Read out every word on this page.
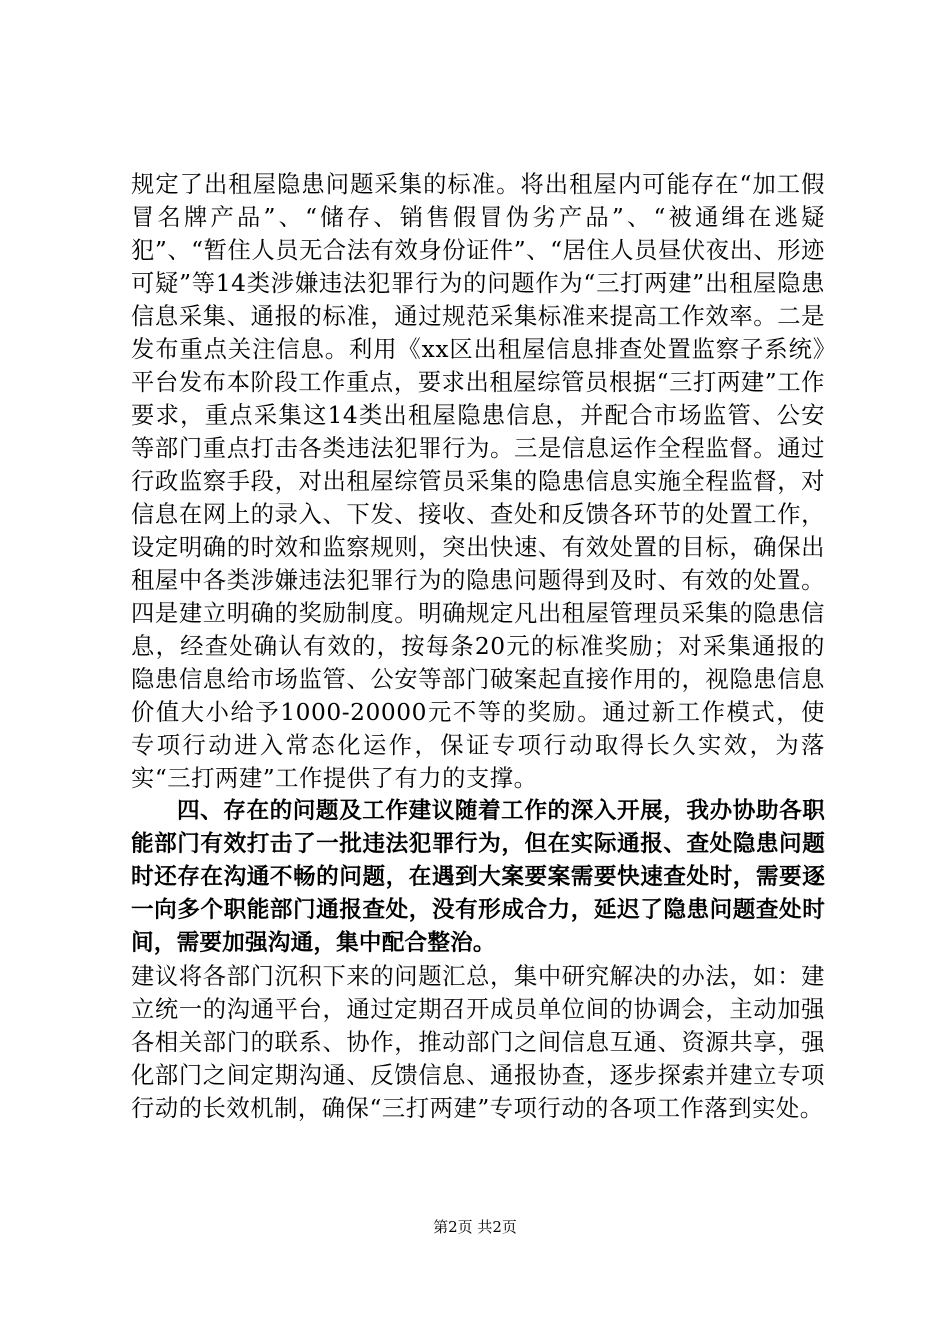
规定了出租屋隐患问题采集的标准。将出租屋内可能存在“加工假冒名牌产品”、“储存、销售假冒伪劣产品”、“被通缉在逃疑犯”、“暂住人员无合法有效身份证件”、“居住人员昼伏夜出、形迹可疑”等14类涉嫌违法犯罪行为的问题作为“三打两建”出租屋隐患信息采集、通报的标准，通过规范采集标准来提高工作效率。二是发布重点关注信息。利用《xx区出租屋信息排查处置监察子系统》平台发布本阶段工作重点，要求出租屋综管员根据“三打两建”工作要求，重点采集这14类出租屋隐患信息，并配合市场监管、公安等部门重点打击各类违法犯罪行为。三是信息运作全程监督。通过行政监察手段，对出租屋综管员采集的隐患信息实施全程监督，对信息在网上的录入、下发、接收、查处和反馈各环节的处置工作，设定明确的时效和监察规则，突出快速、有效处置的目标，确保出租屋中各类涉嫌违法犯罪行为的隐患问题得到及时、有效的处置。四是建立明确的奖励制度。明确规定凡出租屋管理员采集的隐患信息，经查处确认有效的，按每条20元的标准奖励；对采集通报的隐患信息给市场监管、公安等部门破案起直接作用的，视隐患信息价值大小给予1000-20000元不等的奖励。通过新工作模式，使专项行动进入常态化运作，保证专项行动取得长久实效，为落实“三打两建”工作提供了有力的支撑。

四、存在的问题及工作建议随着工作的深入开展，我办协助各职能部门有效打击了一批违法犯罪行为，但在实际通报、查处隐患问题时还存在沟通不畅的问题，在遇到大案要案需要快速查处时，需要逐一向多个职能部门通报查处，没有形成合力，延迟了隐患问题查处时间，需要加强沟通，集中配合整治。

建议将各部门沉积下来的问题汇总，集中研究解决的办法，如：建立统一的沟通平台，通过定期召开成员单位间的协调会，主动加强各相关部门的联系、协作，推动部门之间信息互通、资源共享，强化部门之间定期沟通、反馈信息、通报协查，逐步探索并建立专项行动的长效机制，确保“三打两建”专项行动的各项工作落到实处。

第2页 共2页
